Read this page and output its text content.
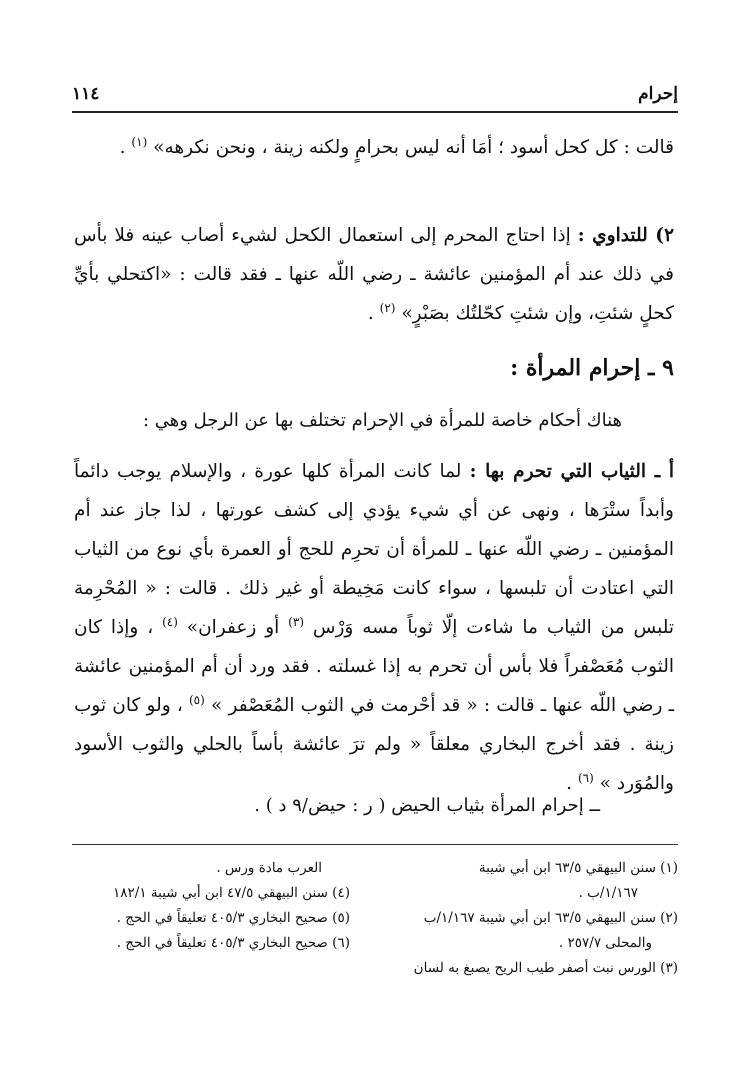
إحرام
١١٤

قالت : كل كحل أسود ؛ أمَا أنه ليس بحرامٍ ولكنه زينة ، ونحن نكرهه» $^{(١)}$ .

٢) للتداوي : إذا احتاج المحرم إلى استعمال الكحل لشيء أصاب عينه فلا بأس في ذلك عند أم المؤمنين عائشة ـ رضي اللّه عنها ـ فقد قالت : «اكتحلي بأيِّ كحلٍ شئتِ، وإن شئتِ كحّلتُك بصَبْرٍ» $^{(٢)}$ .

٩ ـ إحرام المرأة :
هناك أحكام خاصة للمرأة في الإحرام تختلف بها عن الرجل وهي :

أ ـ الثياب التي تحرم بها : لما كانت المرأة كلها عورة ، والإسلام يوجب دائماً وأبداً ستْرَها ، ونهى عن أي شيء يؤدي إلى كشف عورتها ، لذا جاز عند أم المؤمنين ـ رضي اللّه عنها ـ للمرأة أن تحرِم للحج أو العمرة بأي نوع من الثياب التي اعتادت أن تلبسها ، سواء كانت مَخِيطة أو غير ذلك . قالت : « المُحْرِمة تلبس من الثياب ما شاءت إلّا ثوباً مسه وَرْس $^{(٣)}$ أو زعفران» $^{(٤)}$ ، وإذا كان الثوب مُعَصْفراً فلا بأس أن تحرم به إذا غسلته . فقد ورد أن أم المؤمنين عائشة ـ رضي اللّه عنها ـ قالت : « قد أحْرمت في الثوب المُعَصْفر » $^{(٥)}$ ، ولو كان ثوب زينة . فقد أخرج البخاري معلقاً « ولم ترَ عائشة بأساً بالحلي والثوب الأسود والمُوَرد » $^{(٦)}$ .

ــ إحرام المرأة بثياب الحيض ( ر : حيض/٩ د ) .
(١) سنن البيهقي ٦٣/٥ ابن أبي شيبة
١/١٦٧/ب .
(٢) سنن البيهقي ٦٣/٥ ابن أبي شيبة ١/١٦٧/ب
والمحلى ٢٥٧/٧ .
(٣) الورس نبت أصفر طيب الريح يصبغ به لسان
العرب مادة ورس .
(٤) سنن البيهقي ٤٧/٥ ابن أبي شيبة ١٨٢/١
(٥) صحيح البخاري ٤٠٥/٣ تعليقاً في الحج .
(٦) صحيح البخاري ٤٠٥/٣ تعليقاً في الحج .
